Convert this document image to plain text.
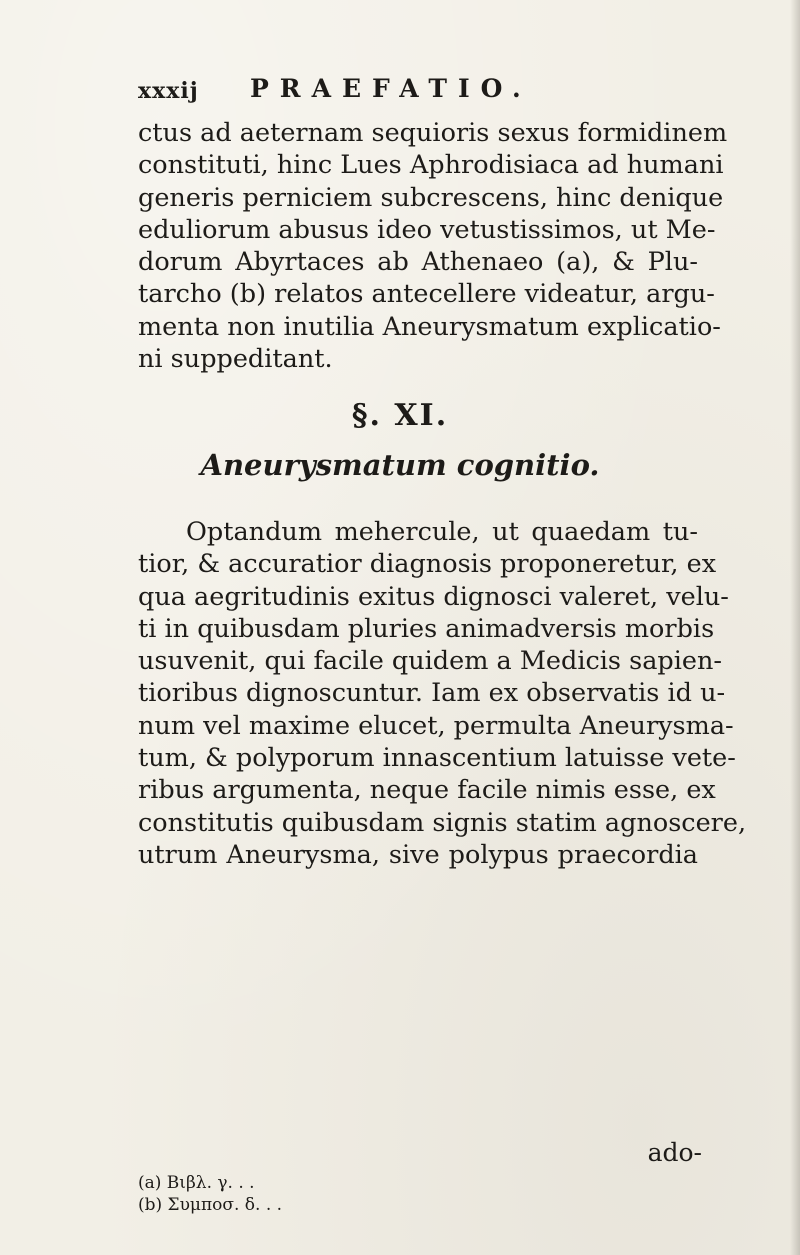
xxxij PRAEFATIO.
ctus ad aeternam sequioris sexus formidinem
constituti, hinc Lues Aphrodisiaca ad humani
generis perniciem subcrescens, hinc denique
eduliorum abusus ideo vetustissimos, ut Me-
dorum Abyrtaces ab Athenaeo (a), & Plu-
tarcho (b) relatos antecellere videatur, argu-
menta non inutilia Aneurysmatum explicatio-
ni suppeditant.
§. XI.
Aneurysmatum cognitio.
Optandum mehercule, ut quaedam tu-
tior, & accuratior diagnosis proponeretur, ex
qua aegritudinis exitus dignosci valeret, velu-
ti in quibusdam pluries animadversis morbis
usuvenit, qui facile quidem a Medicis sapien-
tioribus dignoscuntur. Iam ex observatis id u-
num vel maxime elucet, permulta Aneurysma-
tum, & polyporum innascentium latuisse vete-
ribus argumenta, neque facile nimis esse, ex
constitutis quibusdam signis statim agnoscere,
utrum Aneurysma, sive polypus praecordia
ado-
(a) Βιβλ. γ. . .
(b) Συμποσ. δ. . .
